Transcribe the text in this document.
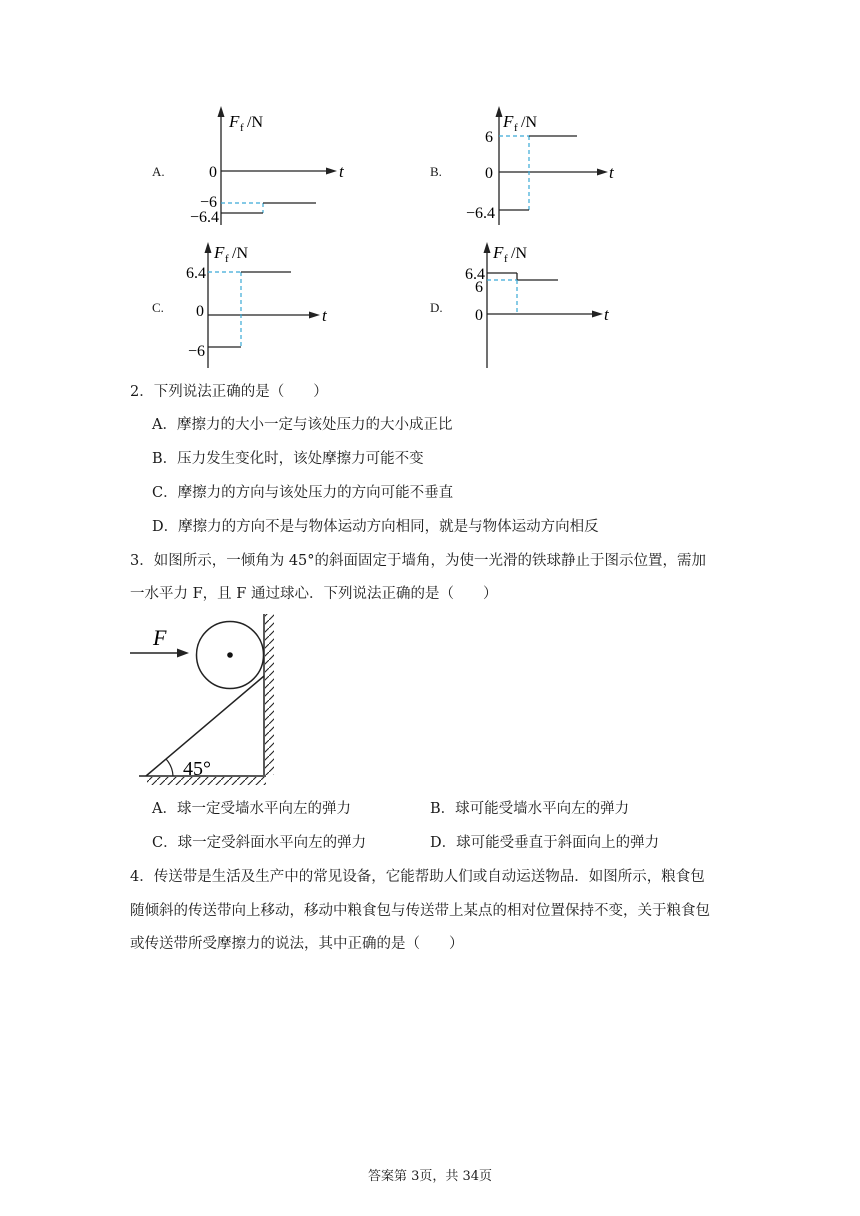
A.
F f /N
t
0
−6
−6.4
B.
F f /N
t
6
0
−6.4
C.
F f /N
t
6.4
0
−6
D.
F f /N
t
6.4
6
0
2．下列说法正确的是（　　）
A．摩擦力的大小一定与该处压力的大小成正比
B．压力发生变化时，该处摩擦力可能不变
C．摩擦力的方向与该处压力的方向可能不垂直
D．摩擦力的方向不是与物体运动方向相同，就是与物体运动方向相反
3．如图所示，一倾角为 45°的斜面固定于墙角，为使一光滑的铁球静止于图示位置，需加
一水平力 F，且 F 通过球心．下列说法正确的是（　　）
45°
F
A．球一定受墙水平向左的弹力	B．球可能受墙水平向左的弹力
C．球一定受斜面水平向左的弹力	D．球可能受垂直于斜面向上的弹力
4．传送带是生活及生产中的常见设备，它能帮助人们或自动运送物品．如图所示，粮食包
随倾斜的传送带向上移动，移动中粮食包与传送带上某点的相对位置保持不变，关于粮食包
或传送带所受摩擦力的说法，其中正确的是（　　）
答案第 3页，共 34页
